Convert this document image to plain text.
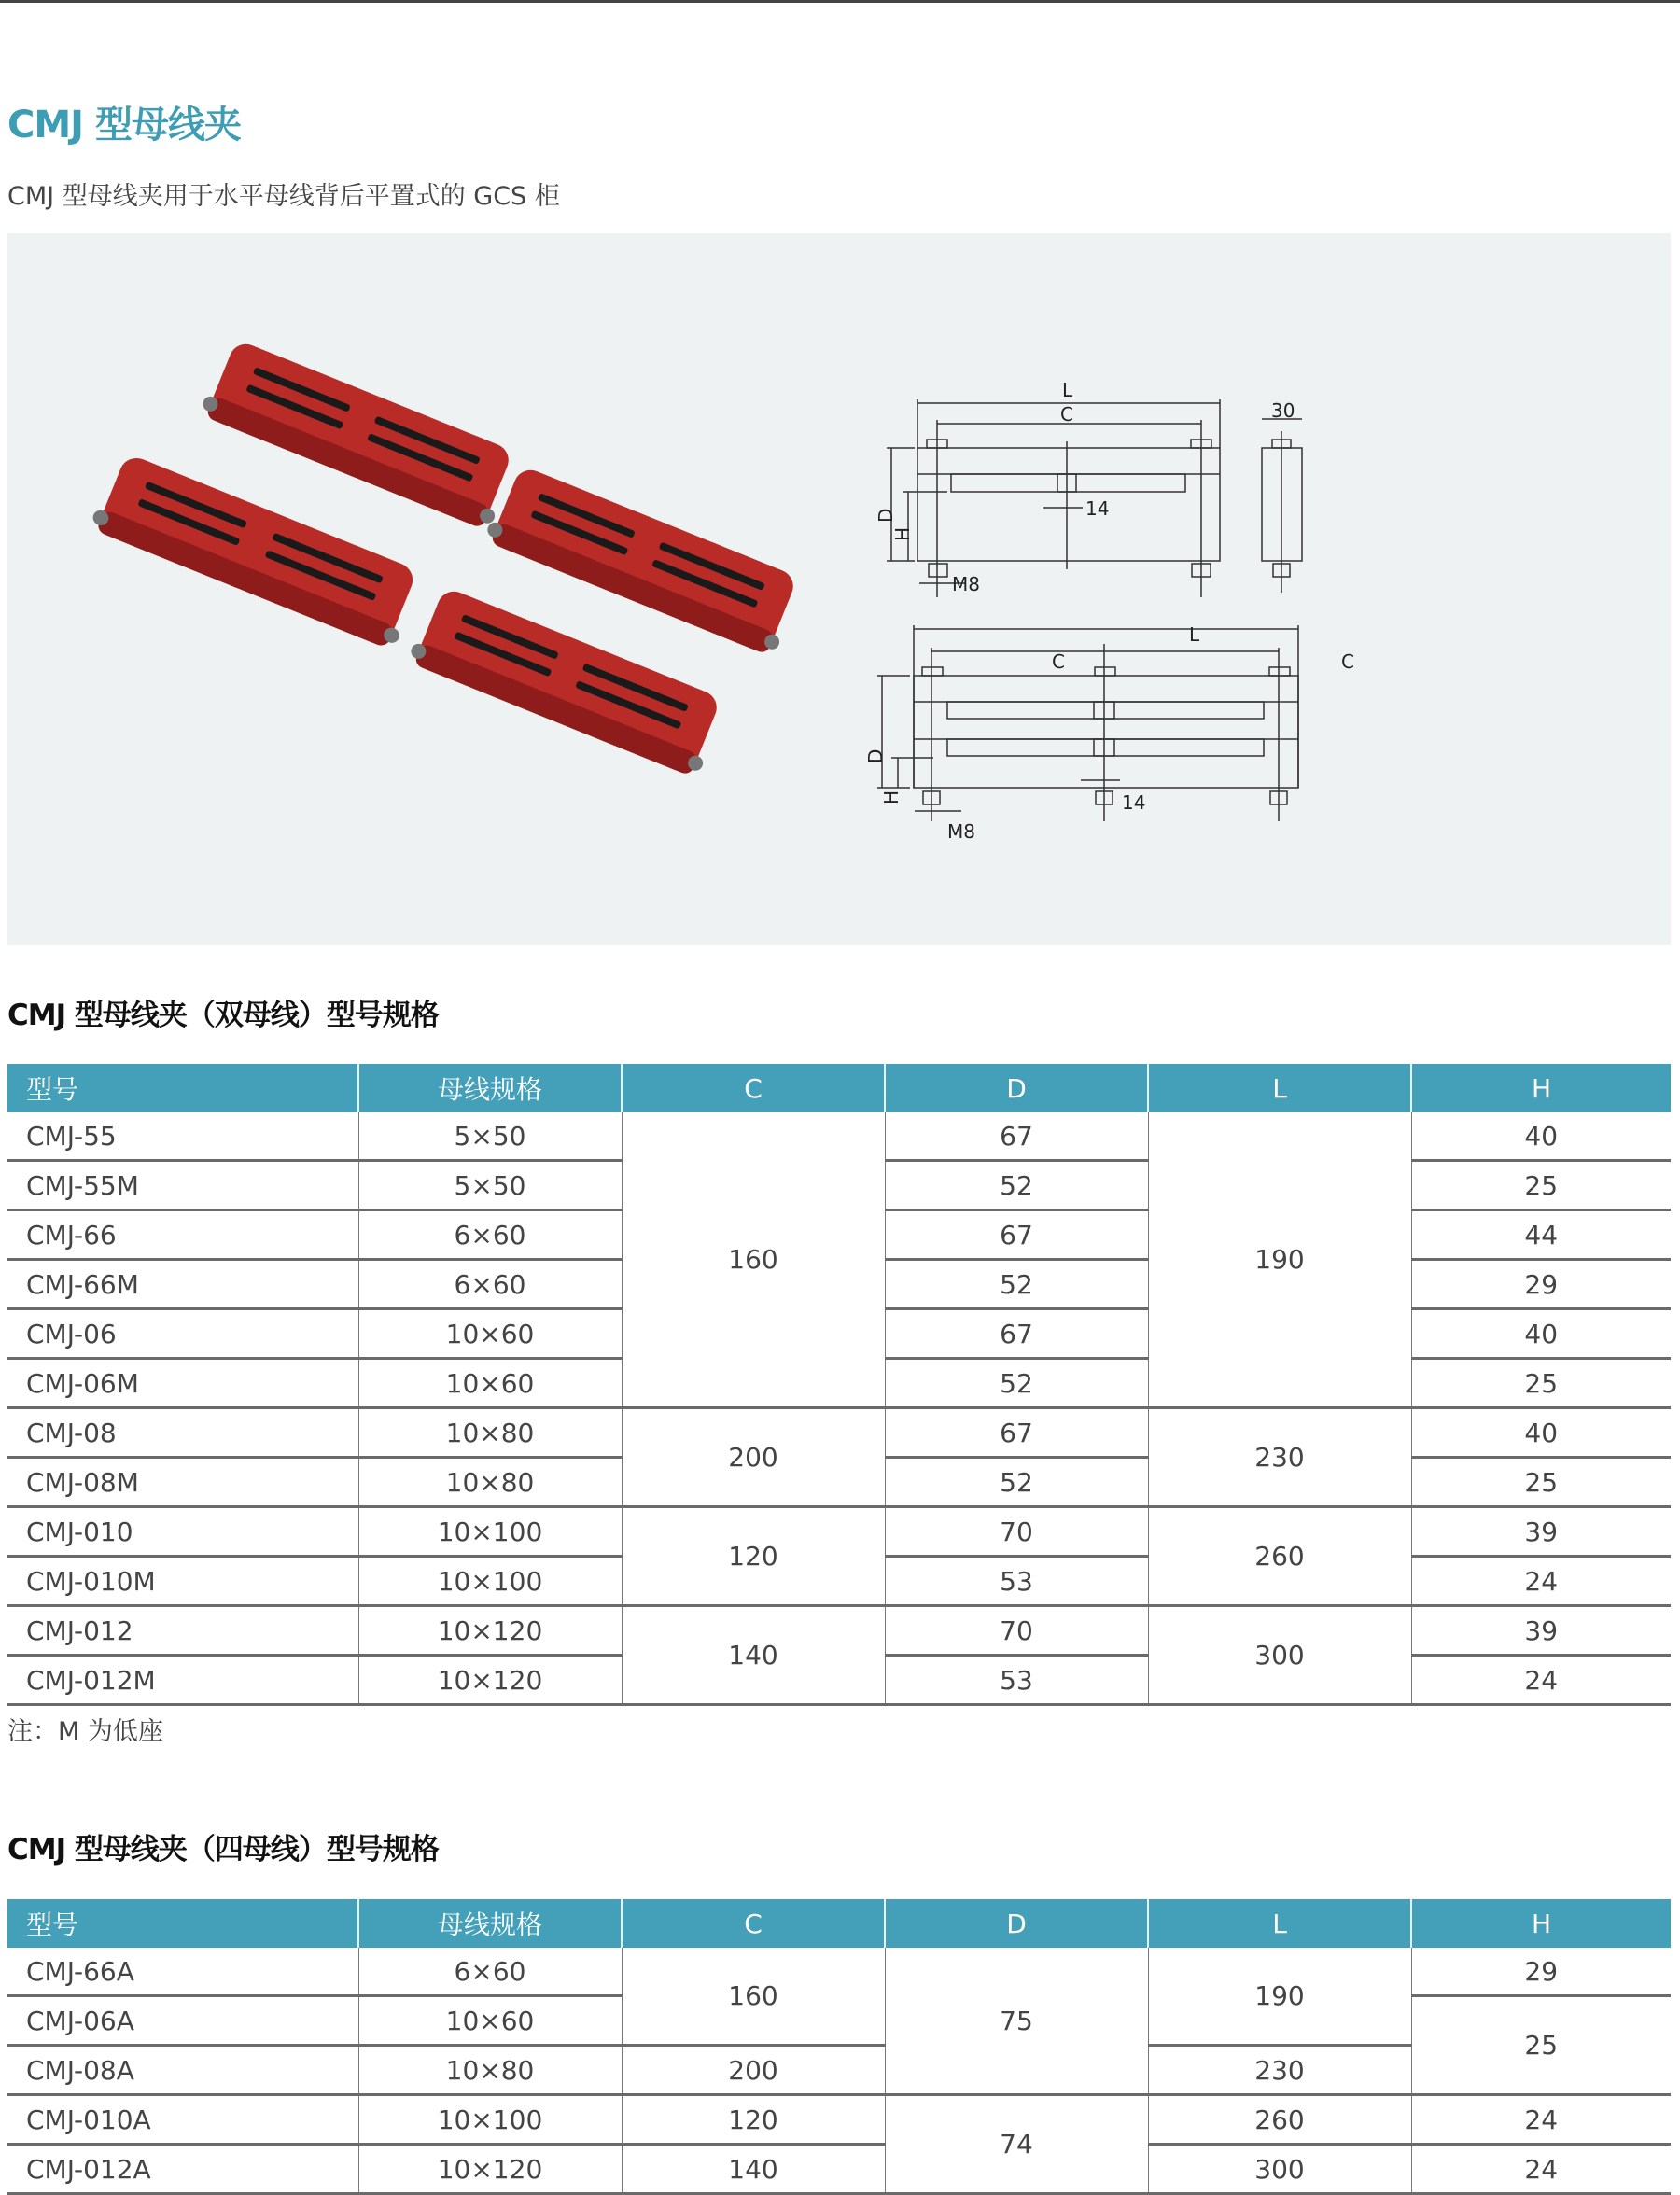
CMJ 型母线夹
CMJ 型母线夹用于水平母线背后平置式的 GCS 柜
L
C	30
14
M8
D
H
L
C	C
14
M8
D
H
CMJ 型母线夹（双母线）型号规格
型号	母线规格	C	D	L	H
CMJ-55	5×50	160	67	190	40
CMJ-55M	5×50		52		25
CMJ-66	6×60		67		44
CMJ-66M	6×60		52		29
CMJ-06	10×60		67		40
CMJ-06M	10×60		52		25
CMJ-08	10×80	200	67	230	40
CMJ-08M	10×80		52		25
CMJ-010	10×100	120	70	260	39
CMJ-010M	10×100		53		24
CMJ-012	10×120	140	70	300	39
CMJ-012M	10×120		53		24
注：M 为低座
CMJ 型母线夹（四母线）型号规格
型号	母线规格	C	D	L	H
CMJ-66A	6×60	160	75	190	29
CMJ-06A	10×60				25
CMJ-08A	10×80	200		230	
CMJ-010A	10×100	120	74	260	24
CMJ-012A	10×120	140		300	24
